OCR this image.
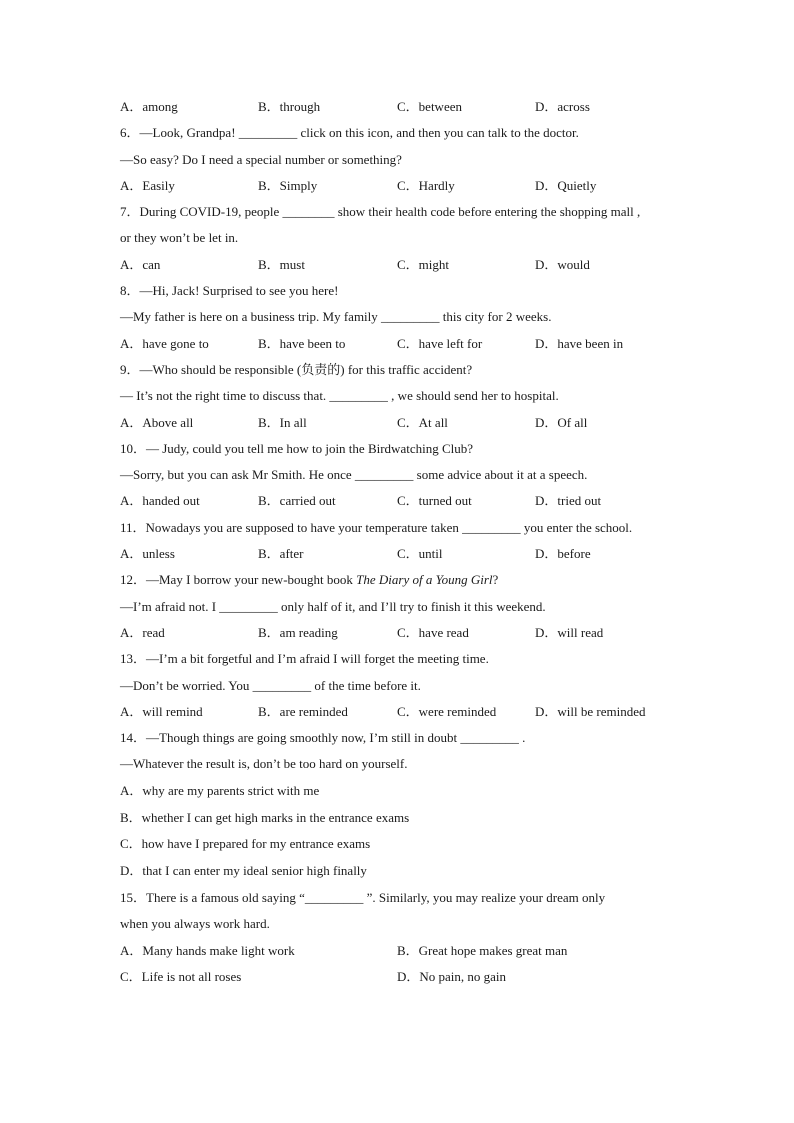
A．among	B．through	C．between	D．across
6．—Look, Grandpa! _________ click on this icon, and then you can talk to the doctor.
—So easy? Do I need a special number or something?
A．Easily	B．Simply	C．Hardly	D．Quietly
7．During COVID-19, people ________ show their health code before entering the shopping mall ,
or they won’t be let in.
A．can	B．must	C．might	D．would
8．—Hi, Jack! Surprised to see you here!
—My father is here on a business trip. My family _________ this city for 2 weeks.
A．have gone to	B．have been to	C．have left for	D．have been in
9．—Who should be responsible (负责的) for this traffic accident?
— It’s not the right time to discuss that. _________ , we should send her to hospital.
A．Above all	B．In all	C．At all	D．Of all
10．— Judy, could you tell me how to join the Birdwatching Club?
—Sorry, but you can ask Mr Smith. He once _________ some advice about it at a speech.
A．handed out	B．carried out	C．turned out	D．tried out
11．Nowadays you are supposed to have your temperature taken _________ you enter the school.
A．unless	B．after	C．until	D．before
12．—May I borrow your new-bought book The Diary of a Young Girl?
—I’m afraid not. I _________ only half of it, and I’ll try to finish it this weekend.
A．read	B．am reading	C．have read	D．will read
13．—I’m a bit forgetful and I’m afraid I will forget the meeting time.
—Don’t be worried. You _________ of the time before it.
A．will remind	B．are reminded	C．were reminded	D．will be reminded
14．—Though things are going smoothly now, I’m still in doubt _________ .
—Whatever the result is, don’t be too hard on yourself.
A．why are my parents strict with me
B．whether I can get high marks in the entrance exams
C．how have I prepared for my entrance exams
D．that I can enter my ideal senior high finally
15．There is a famous old saying “_________ ”. Similarly, you may realize your dream only
when you always work hard.
A．Many hands make light work	B．Great hope makes great man
C．Life is not all roses	D．No pain, no gain
